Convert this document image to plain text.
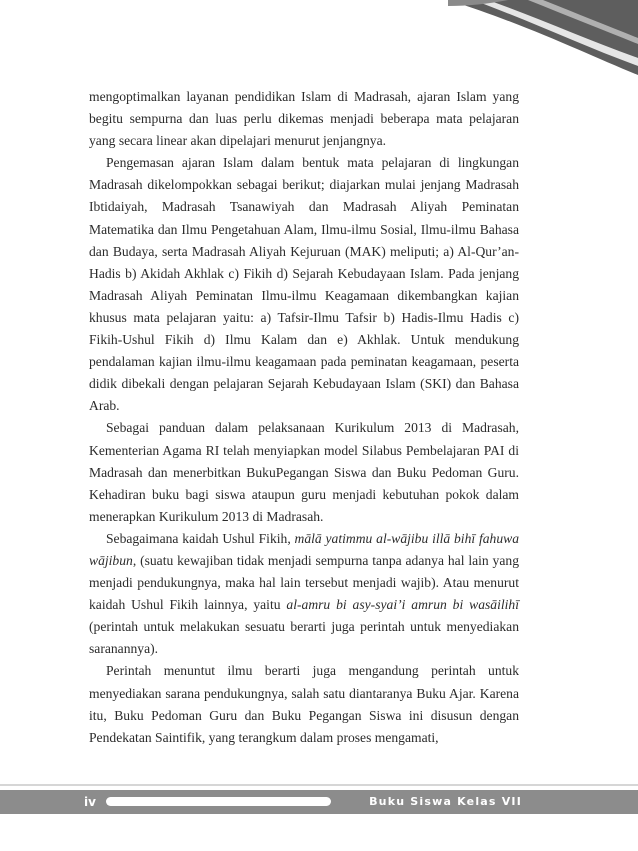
mengoptimalkan layanan pendidikan Islam di Madrasah, ajaran Islam yang begitu sempurna dan luas perlu dikemas menjadi beberapa mata pelajaran yang secara linear akan dipelajari menurut jenjangnya.

Pengemasan ajaran Islam dalam bentuk mata pelajaran di lingkungan Madrasah dikelompokkan sebagai berikut; diajarkan mulai jenjang Madrasah Ibtidaiyah, Madrasah Tsanawiyah dan Madrasah Aliyah Peminatan Matematika dan Ilmu Pengetahuan Alam, Ilmu-ilmu Sosial, Ilmu-ilmu Bahasa dan Budaya, serta Madrasah Aliyah Kejuruan (MAK) meliputi; a) Al-Qur’an-Hadis b) Akidah Akhlak c) Fikih d) Sejarah Kebudayaan Islam. Pada jenjang Madrasah Aliyah Peminatan Ilmu-ilmu Keagamaan dikembangkan kajian khusus mata pelajaran yaitu: a) Tafsir-Ilmu Tafsir b) Hadis-Ilmu Hadis c) Fikih-Ushul Fikih d) Ilmu Kalam dan e) Akhlak. Untuk mendukung pendalaman kajian ilmu-ilmu keagamaan pada peminatan keagamaan, peserta didik dibekali dengan pelajaran Sejarah Kebudayaan Islam (SKI) dan Bahasa Arab.

Sebagai panduan dalam pelaksanaan Kurikulum 2013 di Madrasah, Kementerian Agama RI telah menyiapkan model Silabus Pembelajaran PAI di Madrasah dan menerbitkan BukuPegangan Siswa dan Buku Pedoman Guru. Kehadiran buku bagi siswa ataupun guru menjadi kebutuhan pokok dalam menerapkan Kurikulum 2013 di Madrasah.

Sebagaimana kaidah Ushul Fikih, mālā yatimmu al-wājibu illā bihī fahuwa wājibun, (suatu kewajiban tidak menjadi sempurna tanpa adanya hal lain yang menjadi pendukungnya, maka hal lain tersebut menjadi wajib). Atau menurut kaidah Ushul Fikih lainnya, yaitu al-amru bi asy-syai’i amrun bi wasāilihī (perintah untuk melakukan sesuatu berarti juga perintah untuk menyediakan saranannya).

Perintah menuntut ilmu berarti juga mengandung perintah untuk menyediakan sarana pendukungnya, salah satu diantaranya Buku Ajar. Karena itu, Buku Pedoman Guru dan Buku Pegangan Siswa ini disusun dengan Pendekatan Saintifik, yang terangkum dalam proses mengamati,

iv	Buku Siswa Kelas VII MTs
